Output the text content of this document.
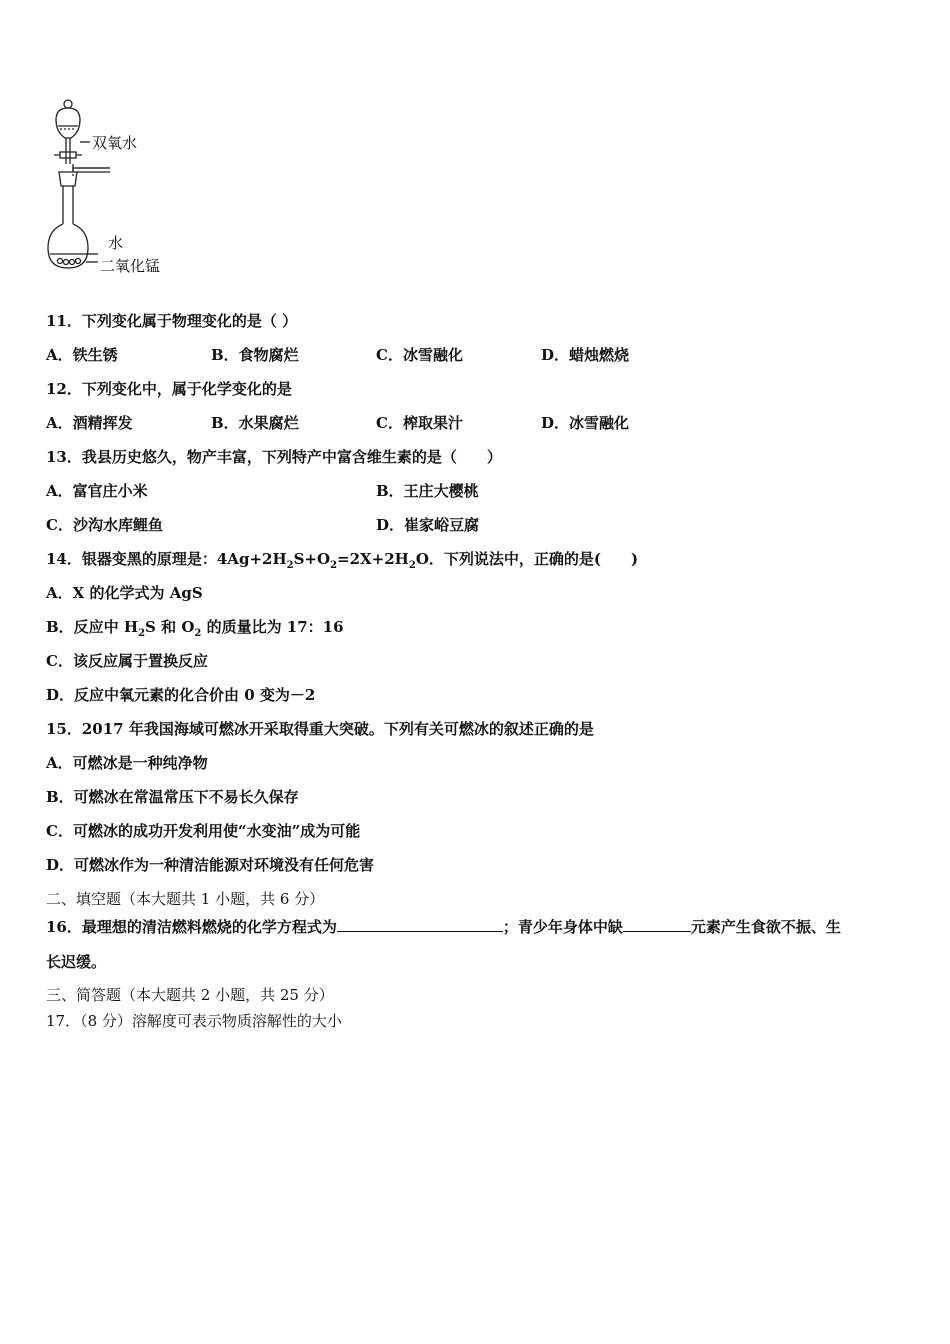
双氧水
水
二氧化锰
11．下列变化属于物理变化的是（ ）
A．铁生锈	B．食物腐烂	C．冰雪融化	D．蜡烛燃烧
12．下列变化中，属于化学变化的是
A．酒精挥发	B．水果腐烂	C．榨取果汁	D．冰雪融化
13．我县历史悠久，物产丰富，下列特产中富含维生素的是（　　）
A．富官庄小米	B．王庄大樱桃
C．沙沟水库鲤鱼	D．崔家峪豆腐
14．银器变黑的原理是：$4Ag+2H_2S+O_2=2X+2H_2O$．下列说法中，正确的是(　　)
A．X 的化学式为 AgS
B．反应中 $H_2S$ 和 $O_2$ 的质量比为 17：16
C．该反应属于置换反应
D．反应中氧元素的化合价由 0 变为－2
15．2017 年我国海域可燃冰开采取得重大突破。下列有关可燃冰的叙述正确的是
A．可燃冰是一种纯净物
B．可燃冰在常温常压下不易长久保存
C．可燃冰的成功开发利用使“水变油”成为可能
D．可燃冰作为一种清洁能源对环境没有任何危害
二、填空题（本大题共 1 小题，共 6 分）
16．最理想的清洁燃料燃烧的化学方程式为	；青少年身体中缺	元素产生食欲不振、生
长迟缓。
三、简答题（本大题共 2 小题，共 25 分）
17．（8 分）溶解度可表示物质溶解性的大小
